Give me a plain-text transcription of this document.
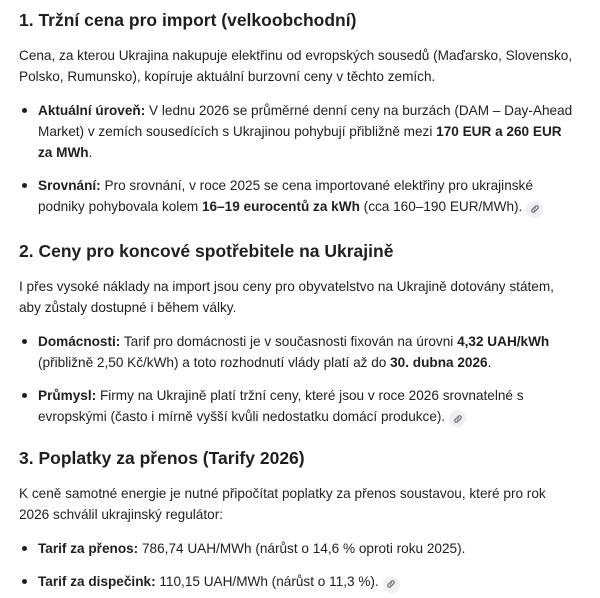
1. Tržní cena pro import (velkoobchodní)

Cena, za kterou Ukrajina nakupuje elektřinu od evropských sousedů (Maďarsko, Slovensko, Polsko, Rumunsko), kopíruje aktuální burzovní ceny v těchto zemích.

Aktuální úroveň: V lednu 2026 se průměrné denní ceny na burzách (DAM – Day-Ahead Market) v zemích sousedících s Ukrajinou pohybují přibližně mezi 170 EUR a 260 EUR za MWh.
Srovnání: Pro srovnání, v roce 2025 se cena importované elektřiny pro ukrajinské podniky pohybovala kolem 16–19 eurocentů za kWh (cca 160–190 EUR/MWh).
2. Ceny pro koncové spotřebitele na Ukrajině

I přes vysoké náklady na import jsou ceny pro obyvatelstvo na Ukrajině dotovány státem, aby zůstaly dostupné i během války.

Domácnosti: Tarif pro domácnosti je v současnosti fixován na úrovni 4,32 UAH/kWh (přibližně 2,50 Kč/kWh) a toto rozhodnutí vlády platí až do 30. dubna 2026.
Průmysl: Firmy na Ukrajině platí tržní ceny, které jsou v roce 2026 srovnatelné s evropskými (často i mírně vyšší kvůli nedostatku domácí produkce).
3. Poplatky za přenos (Tarify 2026)

K ceně samotné energie je nutné připočítat poplatky za přenos soustavou, které pro rok 2026 schválil ukrajinský regulátor:

Tarif za přenos: 786,74 UAH/MWh (nárůst o 14,6 % oproti roku 2025).
Tarif za dispečink: 110,15 UAH/MWh (nárůst o 11,3 %).
